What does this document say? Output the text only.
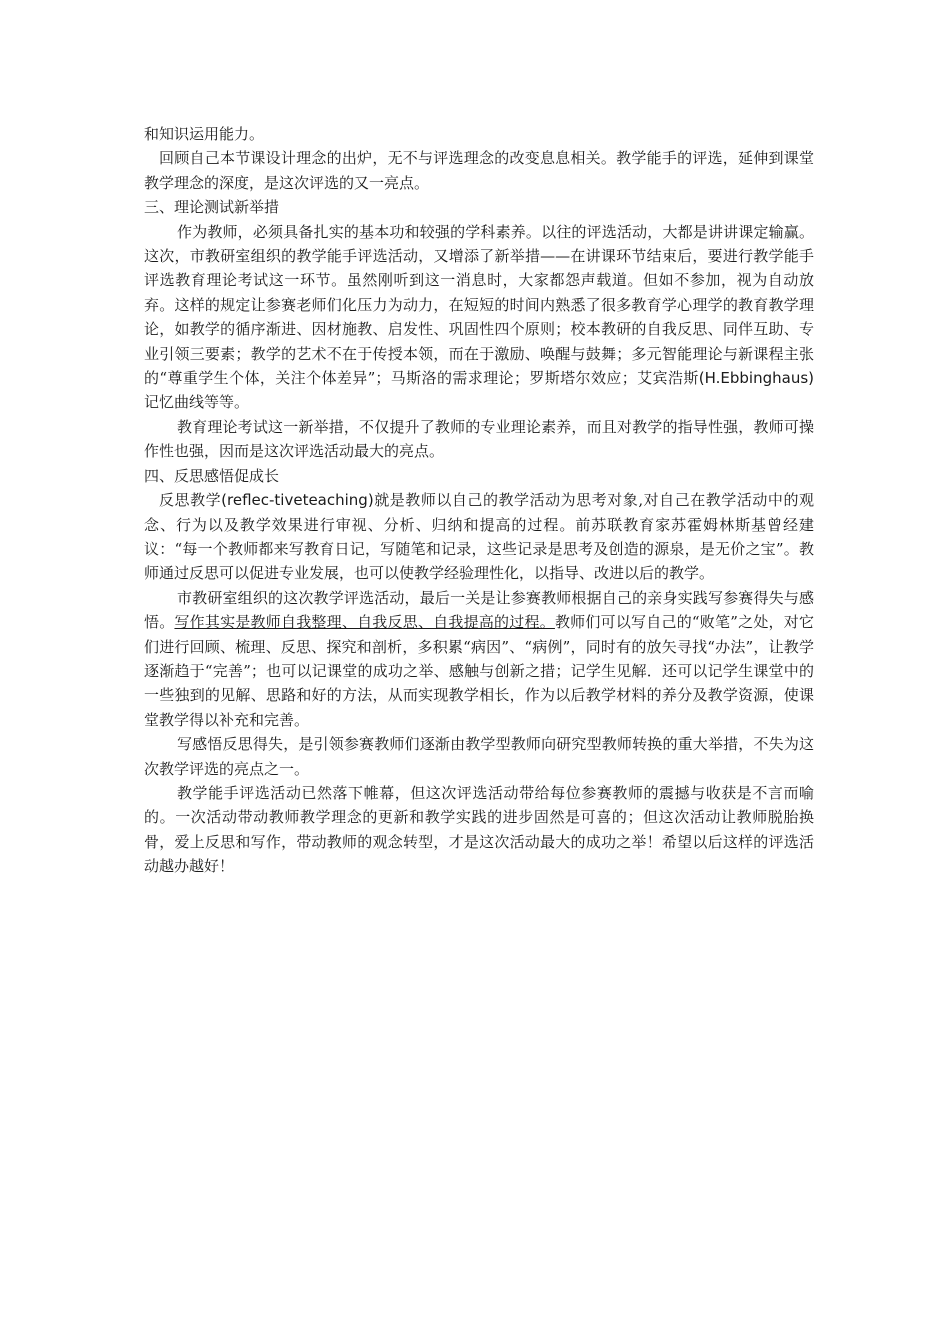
和知识运用能力。

回顾自己本节课设计理念的出炉，无不与评选理念的改变息息相关。教学能手的评选，延伸到课堂教学理念的深度，是这次评选的又一亮点。

三、理论测试新举措

作为教师，必须具备扎实的基本功和较强的学科素养。以往的评选活动，大都是讲讲课定输赢。这次，市教研室组织的教学能手评选活动，又增添了新举措——在讲课环节结束后，要进行教学能手评选教育理论考试这一环节。虽然刚听到这一消息时，大家都怨声载道。但如不参加，视为自动放弃。这样的规定让参赛老师们化压力为动力，在短短的时间内熟悉了很多教育学心理学的教育教学理论，如教学的循序渐进、因材施教、启发性、巩固性四个原则；校本教研的自我反思、同伴互助、专业引领三要素；教学的艺术不在于传授本领，而在于激励、唤醒与鼓舞；多元智能理论与新课程主张的“尊重学生个体，关注个体差异”；马斯洛的需求理论；罗斯塔尔效应；艾宾浩斯(H.Ebbinghaus)记忆曲线等等。

教育理论考试这一新举措，不仅提升了教师的专业理论素养，而且对教学的指导性强，教师可操作性也强，因而是这次评选活动最大的亮点。

四、反思感悟促成长

反思教学(reflec-tiveteaching)就是教师以自己的教学活动为思考对象,对自己在教学活动中的观念、行为以及教学效果进行审视、分析、归纳和提高的过程。前苏联教育家苏霍姆林斯基曾经建议：“每一个教师都来写教育日记，写随笔和记录，这些记录是思考及创造的源泉，是无价之宝”。教师通过反思可以促进专业发展，也可以使教学经验理性化，以指导、改进以后的教学。

市教研室组织的这次教学评选活动，最后一关是让参赛教师根据自己的亲身实践写参赛得失与感悟。写作其实是教师自我整理、自我反思、自我提高的过程。教师们可以写自己的“败笔”之处，对它们进行回顾、梳理、反思、探究和剖析，多积累“病因”、“病例”，同时有的放矢寻找“办法”，让教学逐渐趋于“完善”；也可以记课堂的成功之举、感触与创新之措；记学生见解．还可以记学生课堂中的一些独到的见解、思路和好的方法，从而实现教学相长，作为以后教学材料的养分及教学资源，使课堂教学得以补充和完善。

写感悟反思得失，是引领参赛教师们逐渐由教学型教师向研究型教师转换的重大举措，不失为这次教学评选的亮点之一。

教学能手评选活动已然落下帷幕，但这次评选活动带给每位参赛教师的震撼与收获是不言而喻的。一次活动带动教师教学理念的更新和教学实践的进步固然是可喜的；但这次活动让教师脱胎换骨，爱上反思和写作，带动教师的观念转型，才是这次活动最大的成功之举！希望以后这样的评选活动越办越好！
